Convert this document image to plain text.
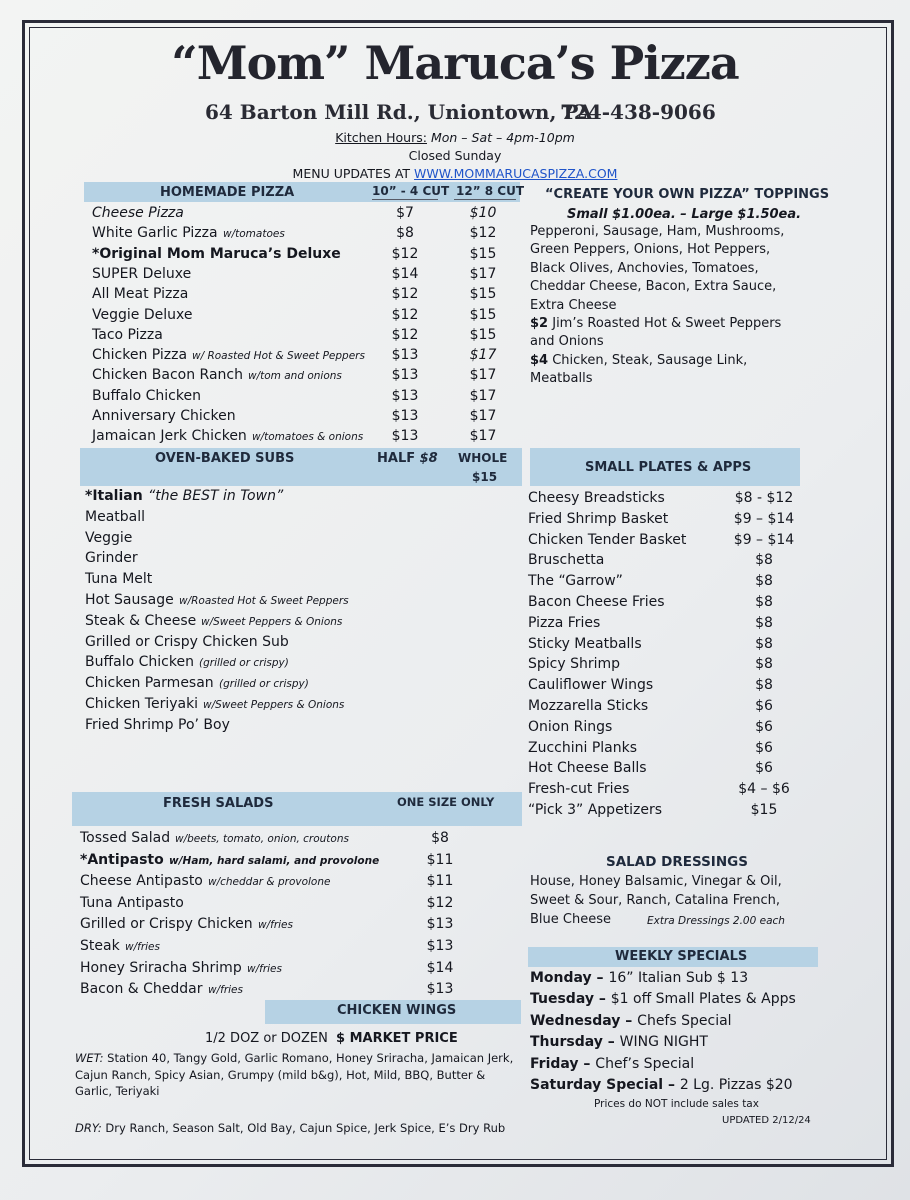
“Mom” Maruca’s Pizza
64 Barton Mill Rd., Uniontown, PA
724-438-9066
Kitchen Hours: Mon – Sat – 4pm-10pm
Closed Sunday
MENU UPDATES AT WWW.MOMMARUCASPIZZA.COM
HOMEMADE PIZZA	10” - 4 CUT 12” 8 CUT
Cheese Pizza	$7	$10
White Garlic Pizza w/tomatoes	$8	$12
*Original Mom Maruca’s Deluxe	$12	$15
SUPER Deluxe	$14	$17
All Meat Pizza	$12	$15
Veggie Deluxe	$12	$15
Taco Pizza	$12	$15
Chicken Pizza w/ Roasted Hot & Sweet Peppers	$13	$17
Chicken Bacon Ranch w/tom and onions	$13	$17
Buffalo Chicken	$13	$17
Anniversary Chicken	$13	$17
Jamaican Jerk Chicken w/tomatoes & onions	$13	$17
“CREATE YOUR OWN PIZZA” TOPPINGS
Small $1.00ea. – Large $1.50ea.
Pepperoni, Sausage, Ham, Mushrooms, Green Peppers, Onions, Hot Peppers, Black Olives, Anchovies, Tomatoes, Cheddar Cheese, Bacon, Extra Sauce, Extra Cheese
$2 Jim’s Roasted Hot & Sweet Peppers and Onions
$4 Chicken, Steak, Sausage Link, Meatballs
OVEN-BAKED SUBS	HALF $8 WHOLE
$15
*Italian “the BEST in Town”
Meatball
Veggie
Grinder
Tuna Melt
Hot Sausage w/Roasted Hot & Sweet Peppers
Steak & Cheese w/Sweet Peppers & Onions
Grilled or Crispy Chicken Sub
Buffalo Chicken (grilled or crispy)
Chicken Parmesan (grilled or crispy)
Chicken Teriyaki w/Sweet Peppers & Onions
Fried Shrimp Po’ Boy
SMALL PLATES & APPS
Cheesy Breadsticks	$8 - $12
Fried Shrimp Basket	$9 – $14
Chicken Tender Basket	$9 – $14
Bruschetta	$8
The “Garrow”	$8
Bacon Cheese Fries	$8
Pizza Fries	$8
Sticky Meatballs	$8
Spicy Shrimp	$8
Cauliflower Wings	$8
Mozzarella Sticks	$6
Onion Rings	$6
Zucchini Planks	$6
Hot Cheese Balls	$6
Fresh-cut Fries	$4 – $6
“Pick 3” Appetizers	$15
FRESH SALADS	ONE SIZE ONLY
Tossed Salad w/beets, tomato, onion, croutons	$8
*Antipasto w/Ham, hard salami, and provolone	$11
Cheese Antipasto w/cheddar & provolone	$11
Tuna Antipasto	$12
Grilled or Crispy Chicken w/fries	$13
Steak w/fries	$13
Honey Sriracha Shrimp w/fries	$14
Bacon & Cheddar w/fries	$13
SALAD DRESSINGS
House, Honey Balsamic, Vinegar & Oil,
Sweet & Sour, Ranch, Catalina French,
Blue Cheese	Extra Dressings 2.00 each
WEEKLY SPECIALS
Monday – 16” Italian Sub $ 13
Tuesday – $1 off Small Plates & Apps
Wednesday – Chefs Special
Thursday – WING NIGHT
Friday – Chef’s Special
Saturday Special – 2 Lg. Pizzas $20
Prices do NOT include sales tax
UPDATED 2/12/24
CHICKEN WINGS
1/2 DOZ or DOZEN $ MARKET PRICE
WET: Station 40, Tangy Gold, Garlic Romano, Honey Sriracha, Jamaican Jerk, Cajun Ranch, Spicy Asian, Grumpy (mild b&g), Hot, Mild, BBQ, Butter & Garlic, Teriyaki
DRY: Dry Ranch, Season Salt, Old Bay, Cajun Spice, Jerk Spice, E’s Dry Rub
